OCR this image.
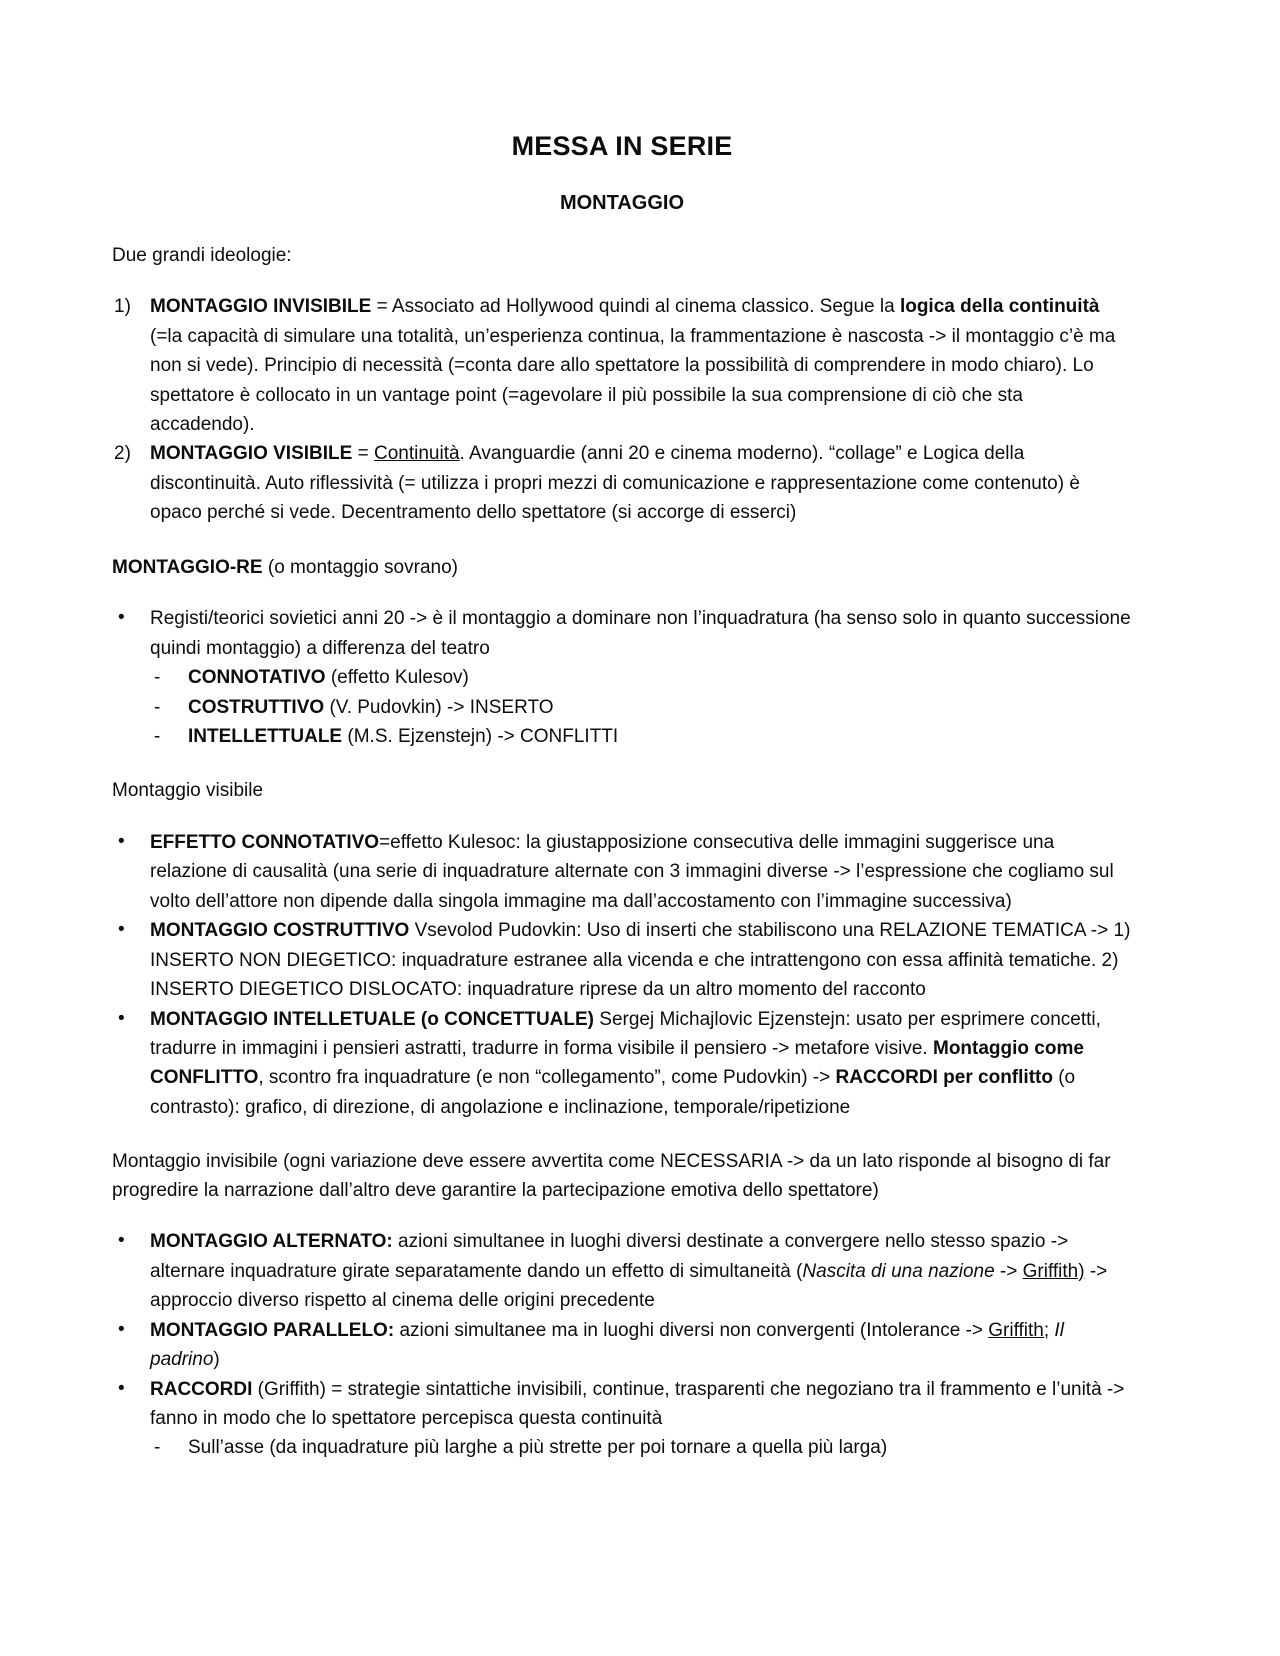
MESSA IN SERIE
MONTAGGIO

Due grandi ideologie:

1) MONTAGGIO INVISIBILE = Associato ad Hollywood quindi al cinema classico. Segue la logica della continuità (=la capacità di simulare una totalità, un’esperienza continua, la frammentazione è nascosta -> il montaggio c’è ma non si vede). Principio di necessità (=conta dare allo spettatore la possibilità di comprendere in modo chiaro). Lo spettatore è collocato in un vantage point (=agevolare il più possibile la sua comprensione di ciò che sta accadendo).
2) MONTAGGIO VISIBILE = Continuità. Avanguardie (anni 20 e cinema moderno). “collage” e Logica della discontinuità. Auto riflessività (= utilizza i propri mezzi di comunicazione e rappresentazione come contenuto) è opaco perché si vede. Decentramento dello spettatore (si accorge di esserci)

MONTAGGIO-RE (o montaggio sovrano)

• Registi/teorici sovietici anni 20 -> è il montaggio a dominare non l’inquadratura (ha senso solo in quanto successione quindi montaggio) a differenza del teatro
- CONNOTATIVO (effetto Kulesov)
- COSTRUTTIVO (V. Pudovkin) -> INSERTO
- INTELLETTUALE (M.S. Ejzenstejn) -> CONFLITTI

Montaggio visibile

• EFFETTO CONNOTATIVO=effetto Kulesoc: la giustapposizione consecutiva delle immagini suggerisce una relazione di causalità (una serie di inquadrature alternate con 3 immagini diverse -> l’espressione che cogliamo sul volto dell’attore non dipende dalla singola immagine ma dall’accostamento con l’immagine successiva)
• MONTAGGIO COSTRUTTIVO Vsevolod Pudovkin: Uso di inserti che stabiliscono una RELAZIONE TEMATICA -> 1) INSERTO NON DIEGETICO: inquadrature estranee alla vicenda e che intrattengono con essa affinità tematiche. 2) INSERTO DIEGETICO DISLOCATO: inquadrature riprese da un altro momento del racconto
• MONTAGGIO INTELLETUALE (o CONCETTUALE) Sergej Michajlovic Ejzenstejn: usato per esprimere concetti, tradurre in immagini i pensieri astratti, tradurre in forma visibile il pensiero -> metafore visive. Montaggio come CONFLITTO, scontro fra inquadrature (e non “collegamento”, come Pudovkin) -> RACCORDI per conflitto (o contrasto): grafico, di direzione, di angolazione e inclinazione, temporale/ripetizione

Montaggio invisibile (ogni variazione deve essere avvertita come NECESSARIA -> da un lato risponde al bisogno di far progredire la narrazione dall’altro deve garantire la partecipazione emotiva dello spettatore)

• MONTAGGIO ALTERNATO: azioni simultanee in luoghi diversi destinate a convergere nello stesso spazio -> alternare inquadrature girate separatamente dando un effetto di simultaneità (Nascita di una nazione -> Griffith) -> approccio diverso rispetto al cinema delle origini precedente
• MONTAGGIO PARALLELO: azioni simultanee ma in luoghi diversi non convergenti (Intolerance -> Griffith; Il padrino)
• RACCORDI (Griffith) = strategie sintattiche invisibili, continue, trasparenti che negoziano tra il frammento e l’unità -> fanno in modo che lo spettatore percepisca questa continuità
- Sull’asse (da inquadrature più larghe a più strette per poi tornare a quella più larga)
